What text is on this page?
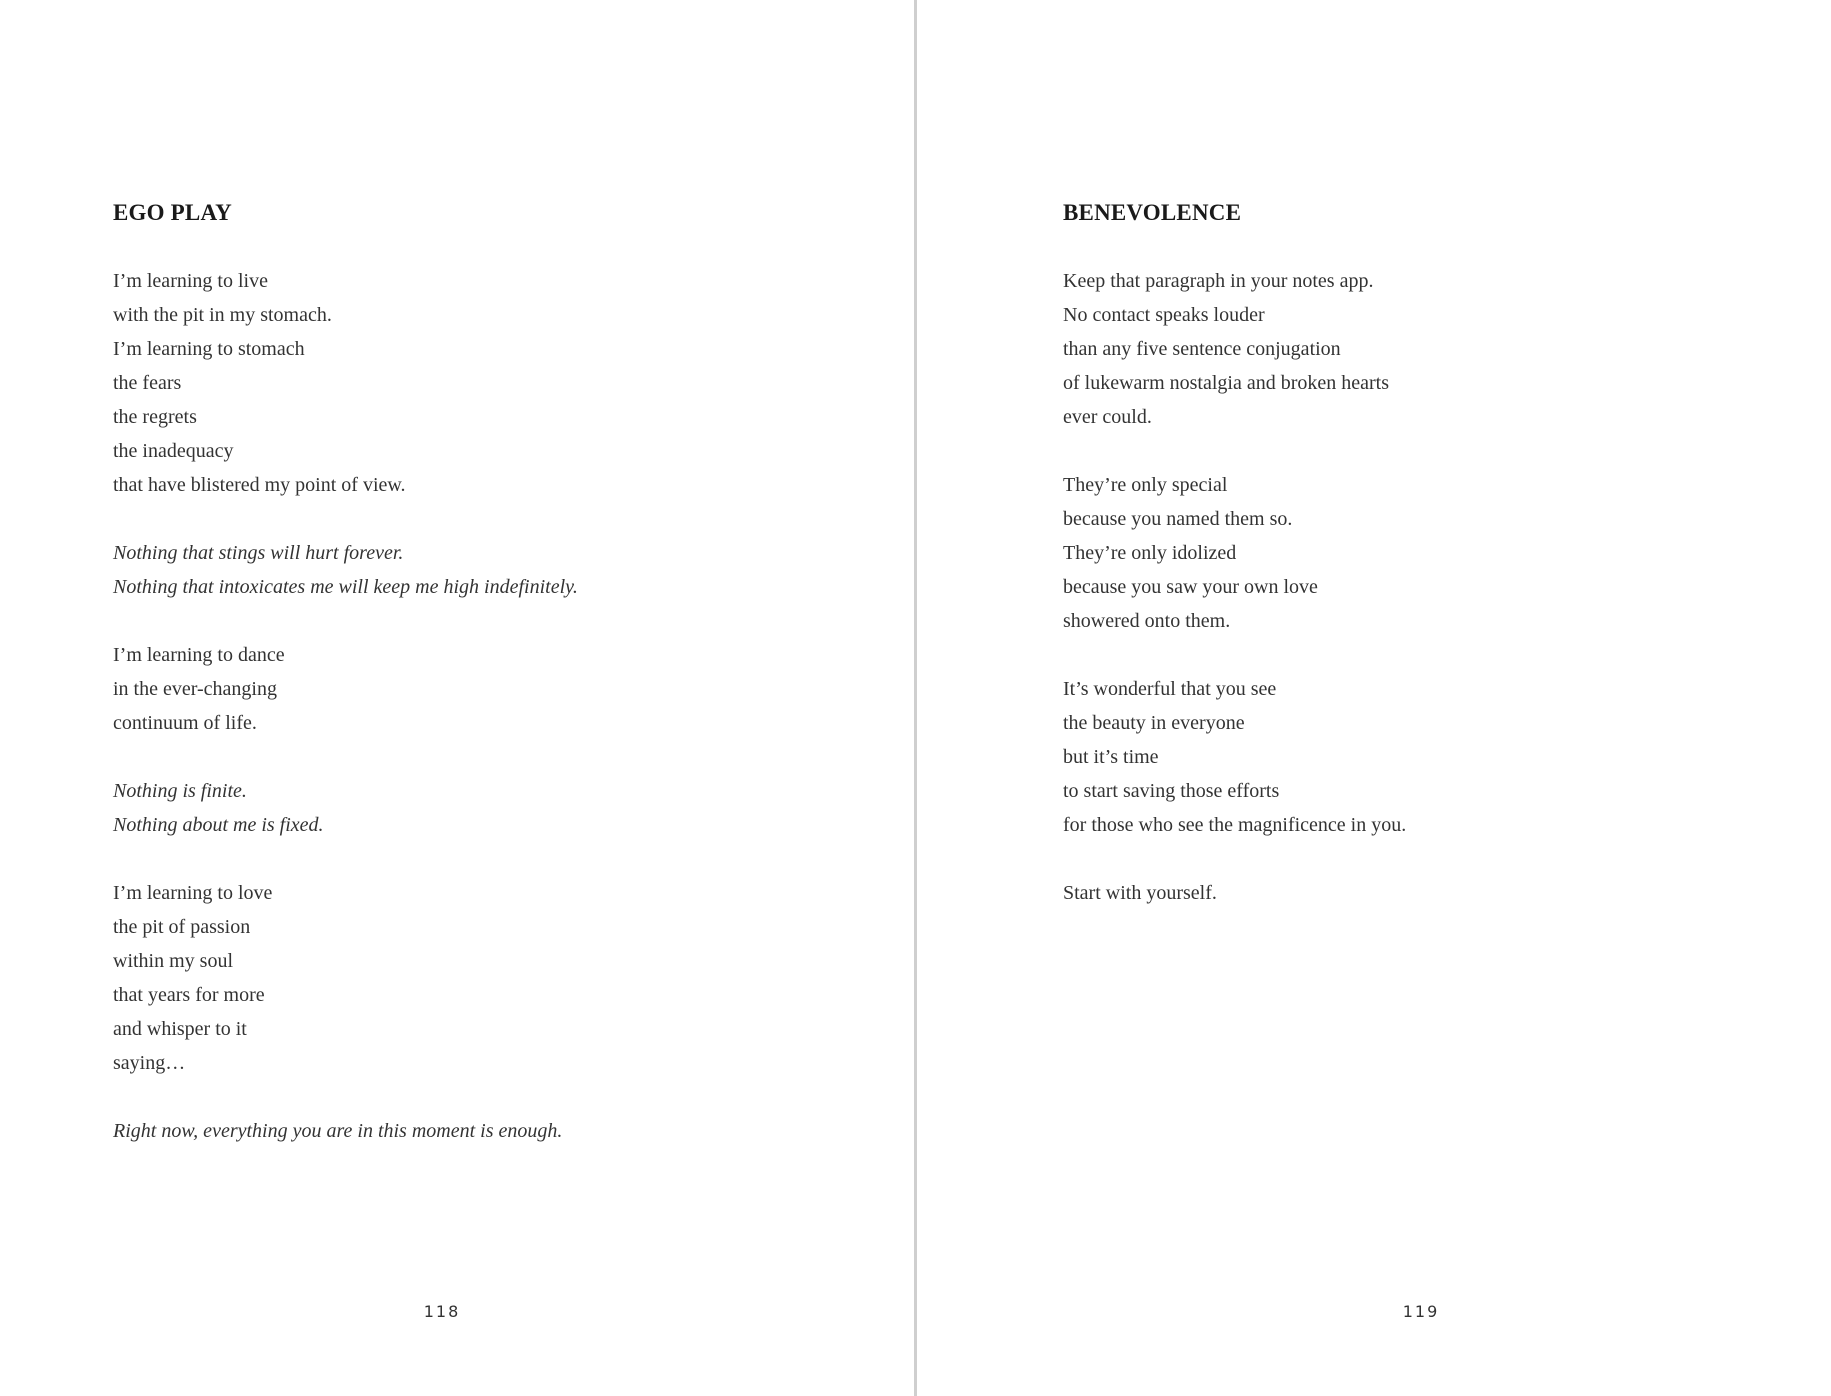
EGO PLAY
I’m learning to live
with the pit in my stomach.
I’m learning to stomach
the fears
the regrets
the inadequacy
that have blistered my point of view.
Nothing that stings will hurt forever.
Nothing that intoxicates me will keep me high indefinitely.
I’m learning to dance
in the ever-changing
continuum of life.
Nothing is finite.
Nothing about me is fixed.
I’m learning to love
the pit of passion
within my soul
that years for more
and whisper to it
saying…
Right now, everything you are in this moment is enough.
118
BENEVOLENCE
Keep that paragraph in your notes app.
No contact speaks louder
than any five sentence conjugation
of lukewarm nostalgia and broken hearts
ever could.
They’re only special
because you named them so.
They’re only idolized
because you saw your own love
showered onto them.
It’s wonderful that you see
the beauty in everyone
but it’s time
to start saving those efforts
for those who see the magnificence in you.
Start with yourself.
119
